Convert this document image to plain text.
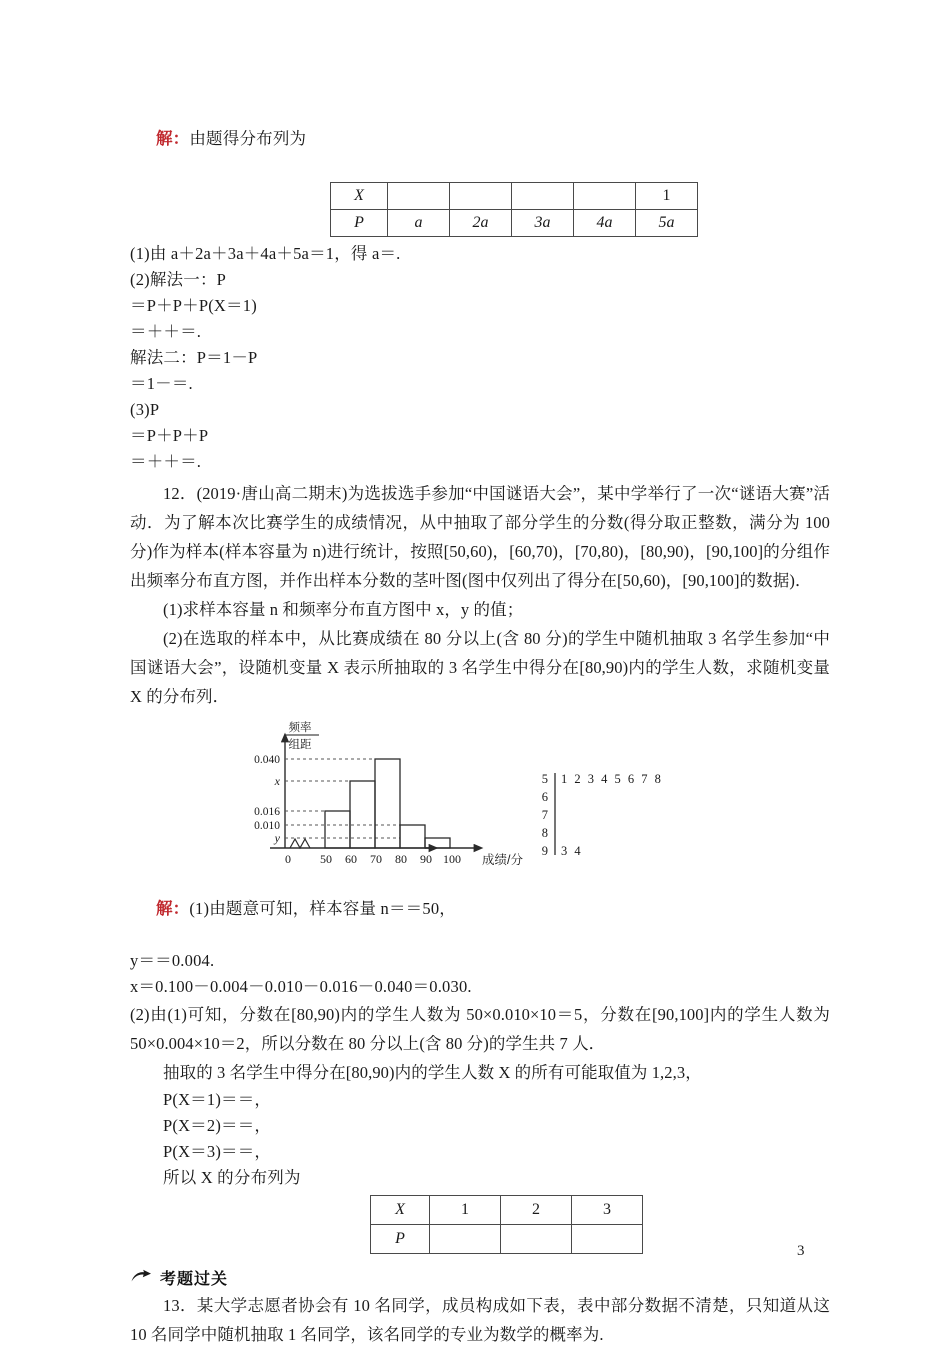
解：由题得分布列为

X					1
P	a	2a	3a	4a	5a
(1)由 a＋2a＋3a＋4a＋5a＝1，得 a＝.
(2)解法一：P
＝P＋P＋P(X＝1)
＝＋＋＝.
解法二：P＝1－P
＝1－＝.
(3)P
＝P＋P＋P
＝＋＋＝.
12．(2019·唐山高二期末)为选拔选手参加“中国谜语大会”，某中学举行了一次“谜语大赛”活动．为了解本次比赛学生的成绩情况，从中抽取了部分学生的分数(得分取正整数，满分为 100 分)作为样本(样本容量为 n)进行统计，按照[50,60)，[60,70)，[70,80)，[80,90)，[90,100]的分组作出频率分布直方图，并作出样本分数的茎叶图(图中仅列出了得分在[50,60)，[90,100]的数据)．
(1)求样本容量 n 和频率分布直方图中 x，y 的值；
(2)在选取的样本中，从比赛成绩在 80 分以上(含 80 分)的学生中随机抽取 3 名学生参加“中国谜语大会”，设随机变量 X 表示所抽取的 3 名学生中得分在[80,90)内的学生人数，求随机变量 X 的分布列．
频率
组距
0.040
x
0.016
0.010
y
0 50 60 70 80 90 100 成绩/分
5 1 2 3 4 5 6 7 8
6
7
8
9 3 4

解：(1)由题意可知，样本容量 n＝＝50，

y＝＝0.004.
x＝0.100－0.004－0.010－0.016－0.040＝0.030.
(2)由(1)可知，分数在[80,90)内的学生人数为 50×0.010×10＝5，分数在[90,100]内的学生人数为 50×0.004×10＝2，所以分数在 80 分以上(含 80 分)的学生共 7 人．
抽取的 3 名学生中得分在[80,90)内的学生人数 X 的所有可能取值为 1,2,3，
P(X＝1)＝＝，
P(X＝2)＝＝，
P(X＝3)＝＝，
所以 X 的分布列为
X	1	2	3
P			
考题过关
13．某大学志愿者协会有 10 名同学，成员构成如下表，表中部分数据不清楚，只知道从这 10 名同学中随机抽取 1 名同学，该名同学的专业为数学的概率为.
3
